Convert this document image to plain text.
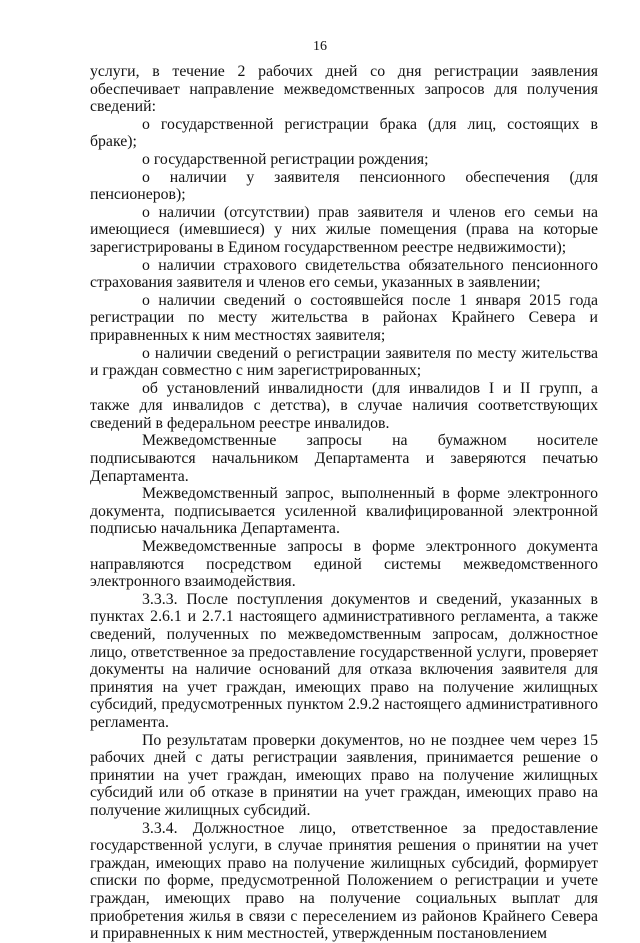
16

услуги, в течение 2 рабочих дней со дня регистрации заявления обеспечивает направление межведомственных запросов для получения сведений:

о государственной регистрации брака (для лиц, состоящих в браке);

о государственной регистрации рождения;

о наличии у заявителя пенсионного обеспечения (для пенсионеров);

о наличии (отсутствии) прав заявителя и членов его семьи на имеющиеся (имевшиеся) у них жилые помещения (права на которые зарегистрированы в Едином государственном реестре недвижимости);

о наличии страхового свидетельства обязательного пенсионного страхования заявителя и членов его семьи, указанных в заявлении;

о наличии сведений о состоявшейся после 1 января 2015 года регистрации по месту жительства в районах Крайнего Севера и приравненных к ним местностях заявителя;

о наличии сведений о регистрации заявителя по месту жительства и граждан совместно с ним зарегистрированных;

об установлений инвалидности (для инвалидов I и II групп, а также для инвалидов с детства), в случае наличия соответствующих сведений в федеральном реестре инвалидов.

Межведомственные запросы на бумажном носителе подписываются начальником Департамента и заверяются печатью Департамента.

Межведомственный запрос, выполненный в форме электронного документа, подписывается усиленной квалифицированной электронной подписью начальника Департамента.

Межведомственные запросы в форме электронного документа направляются посредством единой системы межведомственного электронного взаимодействия.

3.3.3. После поступления документов и сведений, указанных в пунктах 2.6.1 и 2.7.1 настоящего административного регламента, а также сведений, полученных по межведомственным запросам, должностное лицо, ответственное за предоставление государственной услуги, проверяет документы на наличие оснований для отказа включения заявителя для принятия на учет граждан, имеющих право на получение жилищных субсидий, предусмотренных пунктом 2.9.2 настоящего административного регламента.

По результатам проверки документов, но не позднее чем через 15 рабочих дней с даты регистрации заявления, принимается решение о принятии на учет граждан, имеющих право на получение жилищных субсидий или об отказе в принятии на учет граждан, имеющих право на получение жилищных субсидий.

3.3.4. Должностное лицо, ответственное за предоставление государственной услуги, в случае принятия решения о принятии на учет граждан, имеющих право на получение жилищных субсидий, формирует списки по форме, предусмотренной Положением о регистрации и учете граждан, имеющих право на получение социальных выплат для приобретения жилья в связи с переселением из районов Крайнего Севера и приравненных к ним местностей, утвержденным постановлением
